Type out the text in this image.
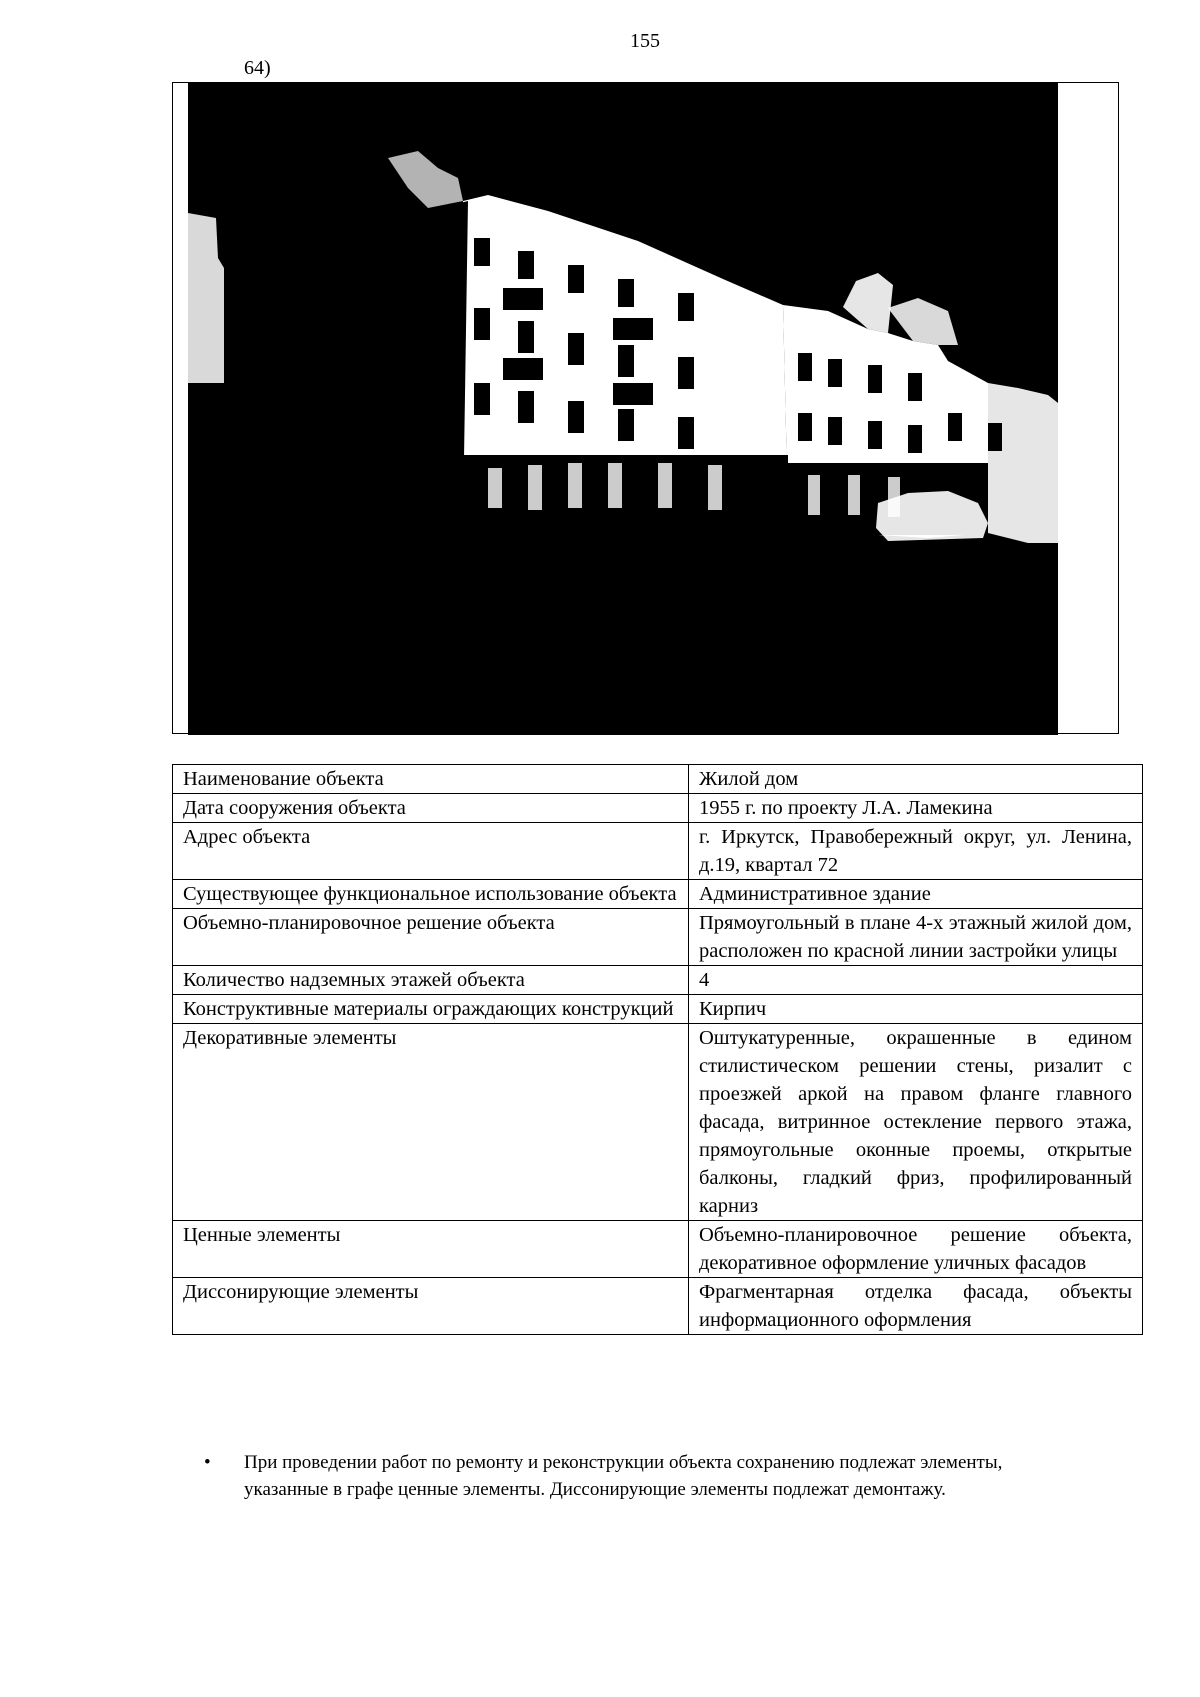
155
64)
Наименование объекта	Жилой дом
Дата сооружения объекта	1955 г. по проекту Л.А. Ламекина
Адрес объекта	г. Иркутск, Правобережный округ, ул. Ленина, д.19, квартал 72
Существующее функциональное использование объекта	Административное здание
Объемно-планировочное решение объекта	Прямоугольный в плане 4-х этажный жилой дом, расположен по красной линии застройки улицы
Количество надземных этажей объекта	4
Конструктивные материалы ограждающих конструкций	Кирпич
Декоративные элементы	Оштукатуренные, окрашенные в едином стилистическом решении стены, ризалит с проезжей аркой на правом фланге главного фасада, витринное остекление первого этажа, прямоугольные оконные проемы, открытые балконы, гладкий фриз, профилированный карниз
Ценные элементы	Объемно-планировочное решение объекта, декоративное оформление уличных фасадов
Диссонирующие элементы	Фрагментарная отделка фасада, объекты информационного оформления
• При проведении работ по ремонту и реконструкции объекта сохранению подлежат элементы, указанные в графе ценные элементы. Диссонирующие элементы подлежат демонтажу.
